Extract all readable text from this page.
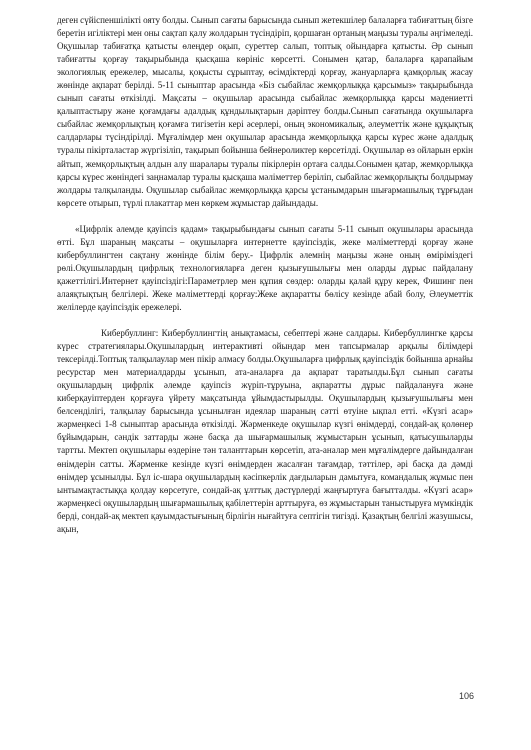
деген сүйіспеншілікті ояту болды. Сынып сағаты барысында сынып жетекшілер балаларға табиғаттың бізге беретін игіліктері мен оны сақтап қалу жолдарын түсіндіріп, қоршаған ортаның маңызы туралы әңгімеледі. Оқушылар табиғатқа қатысты өлеңдер оқып, суреттер салып, топтық ойындарға қатысты. Әр сынып табиғатты қорғау тақырыбында қысқаша көрініс көрсетті. Сонымен қатар, балаларға қарапайым экологиялық ережелер, мысалы, қоқысты сұрыптау, өсімдіктерді қорғау, жануарларға қамқорлық жасау жөнінде ақпарат берілді. 5-11 сыныптар арасында «Біз сыбайлас жемқорлыққа қарсымыз» тақырыбында сынып сағаты өткізілді. Мақсаты – оқушылар арасында сыбайлас жемқорлыққа қарсы мәдениетті қалыптастыру және қоғамдағы адалдық құндылықтарын дәріптеу болды.Сынып сағатында оқушыларға сыбайлас жемқорлықтың қоғамға тигізетін кері әсерлері, оның экономикалық, әлеуметтік және құқықтық салдарлары түсіндірілді. Мұғалімдер мен оқушылар арасында жемқорлыққа қарсы күрес және адалдық туралы пікірталастар жүргізіліп, тақырып бойынша бейнероликтер көрсетілді. Оқушылар өз ойларын еркін айтып, жемқорлықтың алдын алу шаралары туралы пікірлерін ортаға салды.Сонымен қатар, жемқорлыққа қарсы күрес жөніндегі заңнамалар туралы қысқаша мәліметтер беріліп, сыбайлас жемқорлықты болдырмау жолдары талқыланды. Оқушылар сыбайлас жемқорлыққа қарсы ұстанымдарын шығармашылық тұрғыдан көрсете отырып, түрлі плакаттар мен көркем жұмыстар дайындады.

«Цифрлік әлемде қауіпсіз қадам» тақырыбындағы сынып сағаты 5-11 сынып оқушылары арасында өтті. Бұл шараның мақсаты – оқушыларға интернетте қауіпсіздік, жеке мәліметтерді қорғау және кибербуллингтен сақтану жөнінде білім беру.- Цифрлік әлемнің маңызы және оның өміріміздегі рөлі.Оқушылардың цифрлық технологияларға деген қызығушылығы мен оларды дұрыс пайдалану қажеттілігі.Интернет қауіпсіздігі:Параметрлер мен құпия сөздер: оларды қалай құру керек, Фишинг пен алаяқтықтың белгілері. Жеке мәліметтерді қорғау:Жеке ақпаратты бөлісу кезінде абай болу, Әлеуметтік желілерде қауіпсіздік ережелері.

Кибербуллинг: Кибербуллингтің анықтамасы, себептері және салдары. Кибербуллингке қарсы күрес стратегиялары.Оқушылардың интерактивті ойындар мен тапсырмалар арқылы білімдері тексерілді.Топтық талқылаулар мен пікір алмасу болды.Оқушыларға цифрлық қауіпсіздік бойынша арнайы ресурстар мен материалдарды ұсынып, ата-аналарға да ақпарат таратылды.Бұл сынып сағаты оқушылардың цифрлік әлемде қауіпсіз жүріп-тұруына, ақпаратты дұрыс пайдалануға және киберқауіптерден қорғауға үйрету мақсатында ұйымдастырылды. Оқушылардың қызығушылығы мен белсенділігі, талқылау барысында ұсынылған идеялар шараның сәтті өтуіне ықпал етті. «Күзгі асар» жәрмеңкесі 1-8 сыныптар арасында өткізілді. Жәрменкеде оқушылар күзгі өнімдерді, сондай-ақ қолөнер бұйымдарын, сәндік заттарды және басқа да шығармашылық жұмыстарын ұсынып, қатысушыларды тартты. Мектеп оқушылары өздеріне тән таланттарын көрсетіп, ата-аналар мен мұғалімдерге дайындалған өнімдерін сатты. Жәрменке кезінде күзгі өнімдерден жасалған тағамдар, тәттілер, әрі басқа да дәмді өнімдер ұсынылды. Бұл іс-шара оқушылардың кәсіпкерлік дағдыларын дамытуға, командалық жұмыс пен ынтымақтастыққа қолдау көрсетуге, сондай-ақ ұлттық дәстүрлерді жаңғыртуға бағытталды. «Күзгі асар» жәрмеңкесі оқушылардың шығармашылық қабілеттерін арттыруға, өз жұмыстарын таныстыруға мүмкіндік берді, сондай-ақ мектеп қауымдастығының бірлігін нығайтуға септігін тигізді. Қазақтың белгілі жазушысы, ақын,

106
